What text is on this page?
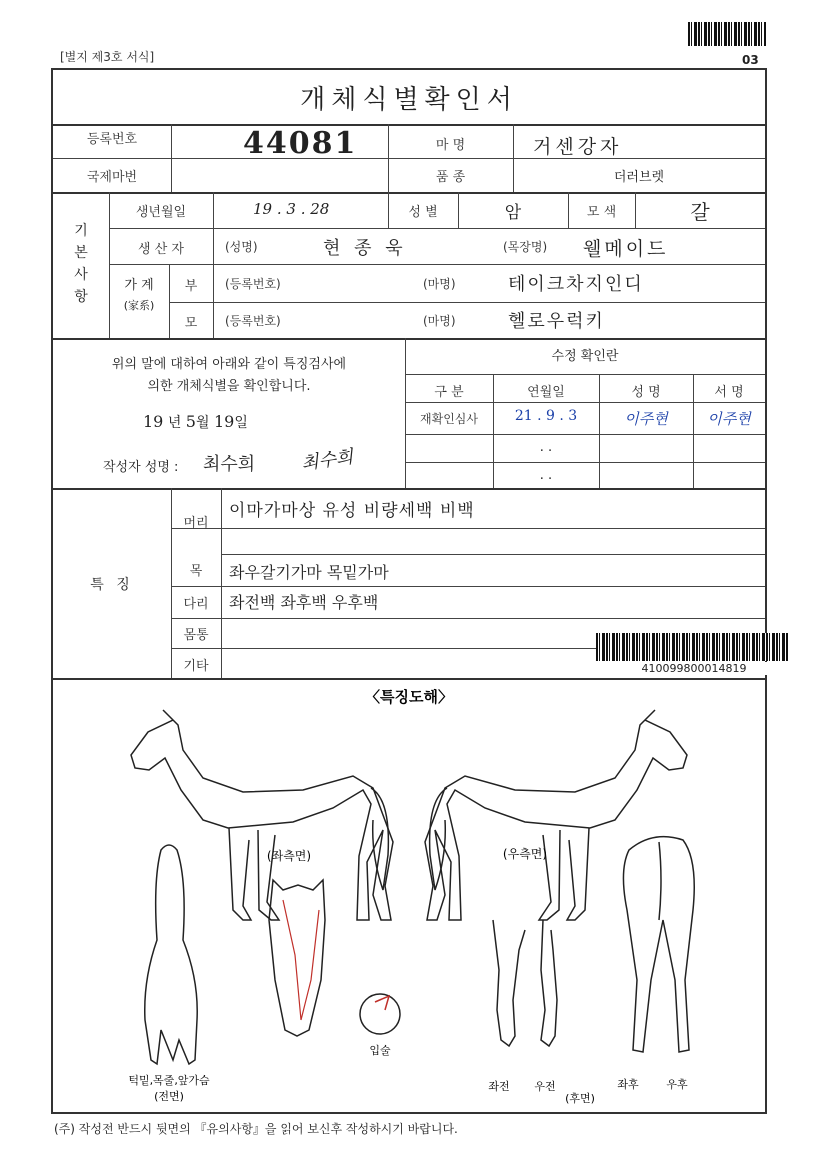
[별지 제3호 서식]	03
개체식별확인서
등록번호	44081	마 명	거센강자
국제마번	품 종	더러브렛
기
본
사
항
생년월일	19 . 3 . 28	성 별	암	모 색	갈
생 산 자	(성명)	현 종 욱	(목장명) 웰메이드
가 계
(家系)
부	(등록번호)	(마명)	테이크차지인디
모	(등록번호)	(마명)	헬로우럭키
위의 말에 대하여 아래와 같이 특징검사에
의한 개체식별을 확인합니다.
19 년 5월 19일
작성자 성명 : 최수희 최수희
수정 확인란
구 분	연월일	성 명	서 명
재확인심사	21 . 9 . 3	이주현	이주현
. .
. .
특 징
머리
이마가마상 유성 비량세백 비백
목	좌우갈기가마 목밑가마
다리	좌전백 좌후백 우후백
몸통
기타
〈특징도해〉
(좌측면)	(우측면)
턱밑,목줄,앞가슴
(전면)
입술
좌전 우전
(후면)
좌후	우후
410099800014819
(주) 작성전 반드시 뒷면의 『유의사항』을 읽어 보신후 작성하시기 바랍니다.
